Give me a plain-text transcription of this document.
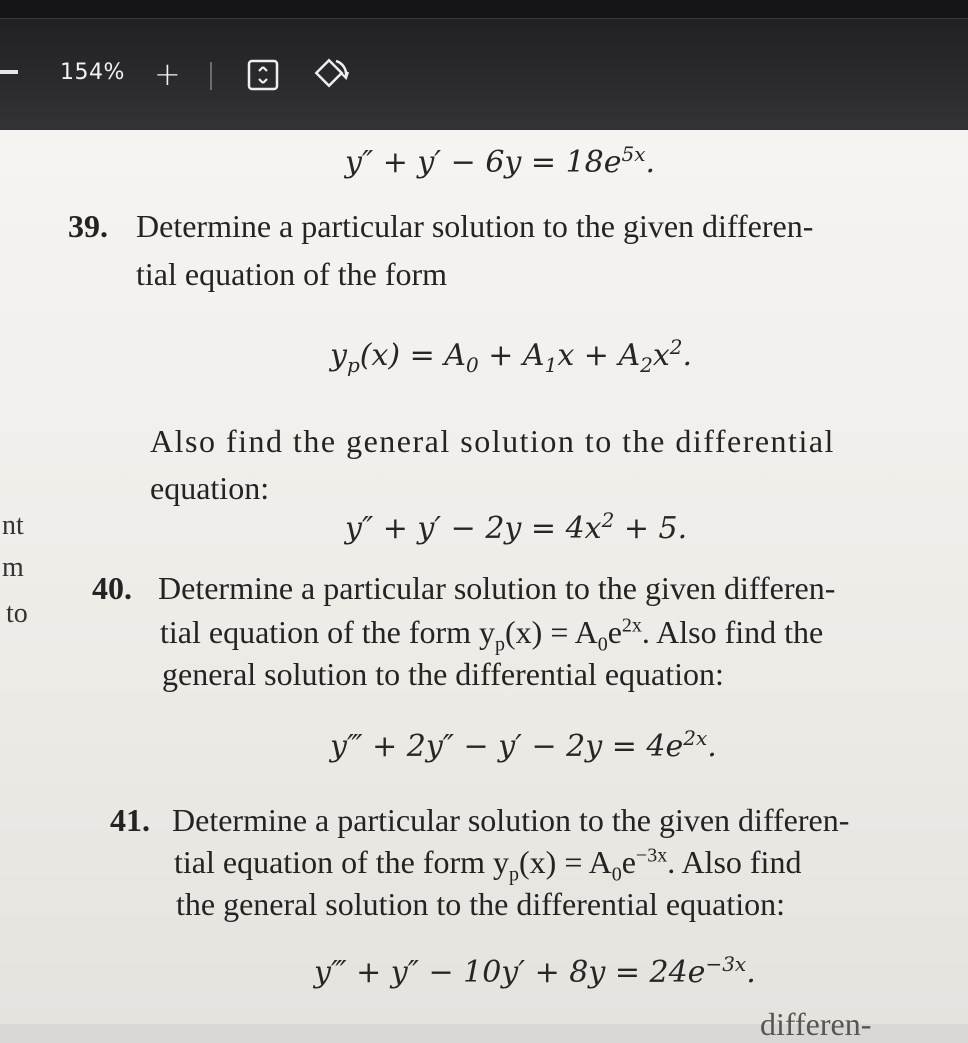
154% +
$y'' + y' - 6y = 18e^{5x}$.
39. Determine a particular solution to the given differen-
tial equation of the form
$y_p(x) = A_0 + A_1x + A_2x^2$.
Also find the general solution to the differential
equation:
$y'' + y' - 2y = 4x^2 + 5$.
40. Determine a particular solution to the given differen-
tial equation of the form $y_p(x) = A_0e^{2x}$. Also find the
general solution to the differential equation:
y‴ + $2y'' - y' - 2y = 4e^{2x}$.
41. Determine a particular solution to the given differen-
tial equation of the form $y_p(x) = A_0e^{-3x}$. Also find
the general solution to the differential equation:
y‴ + $y'' - 10y' + 8y = 24e^{-3x}$.
differen-
nt
m
to
